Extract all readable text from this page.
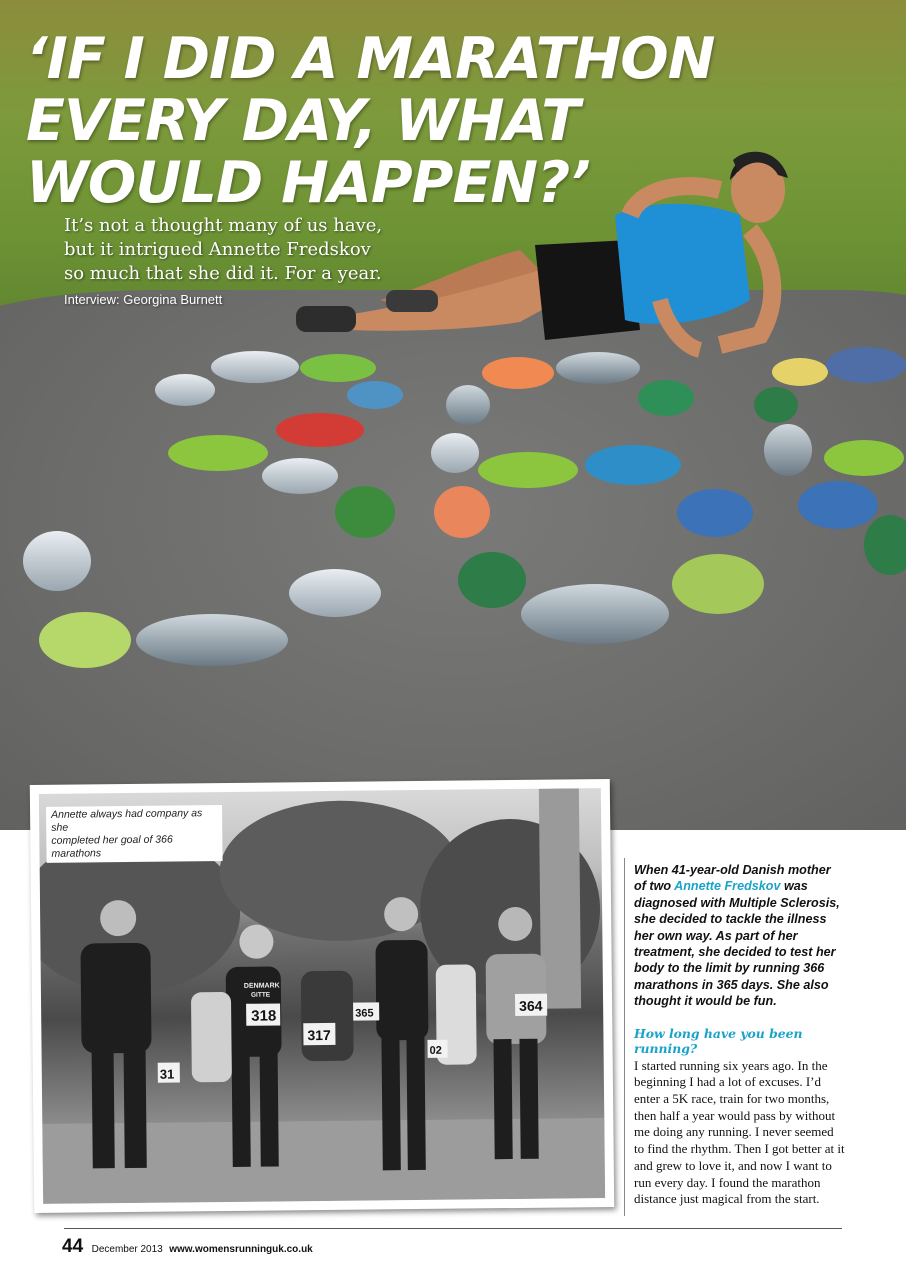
‘IF I DID A MARATHON
EVERY DAY, WHAT
WOULD HAPPEN?’
It’s not a thought many of us have,
but it intrigued Annette Fredskov
so much that she did it. For a year.
Interview: Georgina Burnett
318
317
364
31
02
365
DENMARK
GITTE
Annette always had company as she
completed her goal of 366 marathons

When 41-year-old Danish mother of two Annette Fredskov was diagnosed with Multiple Sclerosis, she decided to tackle the illness her own way. As part of her treatment, she decided to test her body to the limit by running 366 marathons in 365 days. She also thought it would be fun.

How long have you been running?

I started running six years ago. In the beginning I had a lot of excuses. I’d enter a 5K race, train for two months, then half a year would pass by without me doing any running. I never seemed to find the rhythm. Then I got better at it and grew to love it, and now I want to run every day. I found the marathon distance just magical from the start.

44 December 2013 www.womensrunninguk.co.uk
